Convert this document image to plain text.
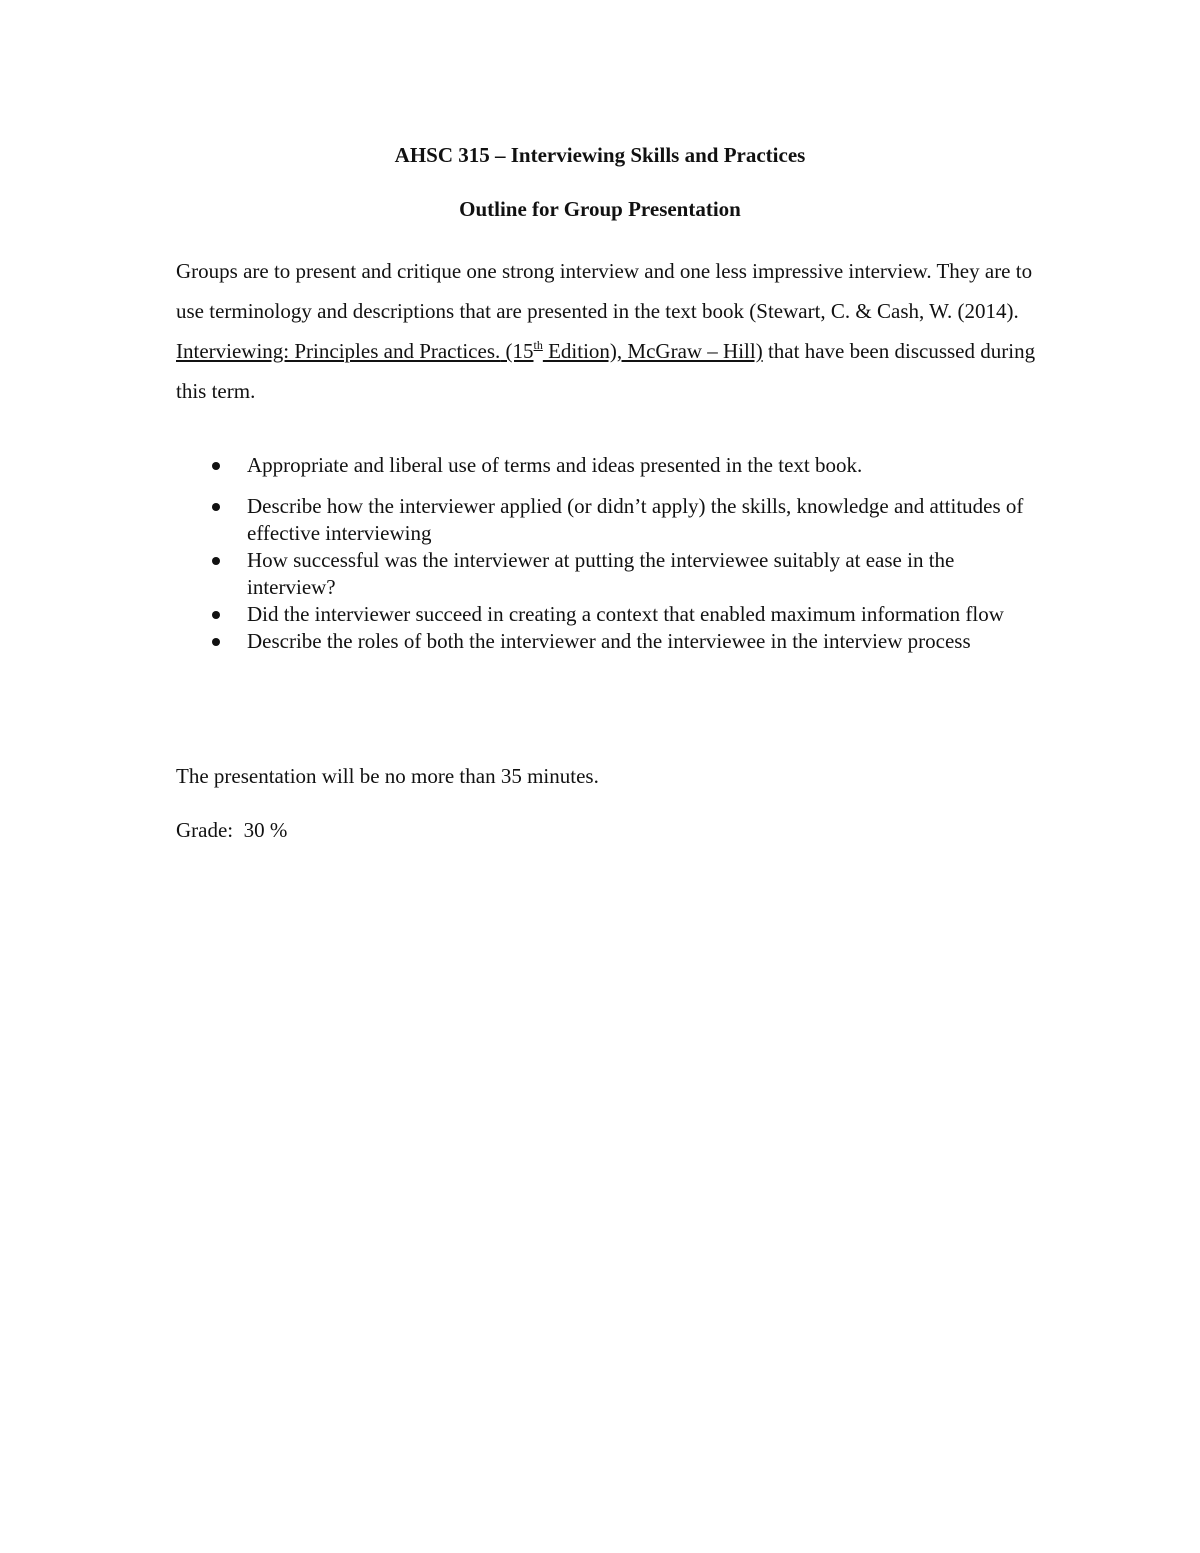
AHSC 315 – Interviewing Skills and Practices
Outline for Group Presentation

Groups are to present and critique one strong interview and one less impressive interview. They are to use terminology and descriptions that are presented in the text book (Stewart, C. & Cash, W. (2014). Interviewing: Principles and Practices. (15th Edition), McGraw – Hill) that have been discussed during this term.

Appropriate and liberal use of terms and ideas presented in the text book.
Describe how the interviewer applied (or didn’t apply) the skills, knowledge and attitudes of effective interviewing
How successful was the interviewer at putting the interviewee suitably at ease in the interview?
Did the interviewer succeed in creating a context that enabled maximum information flow
Describe the roles of both the interviewer and the interviewee in the interview process

The presentation will be no more than 35 minutes.

Grade:  30 %
